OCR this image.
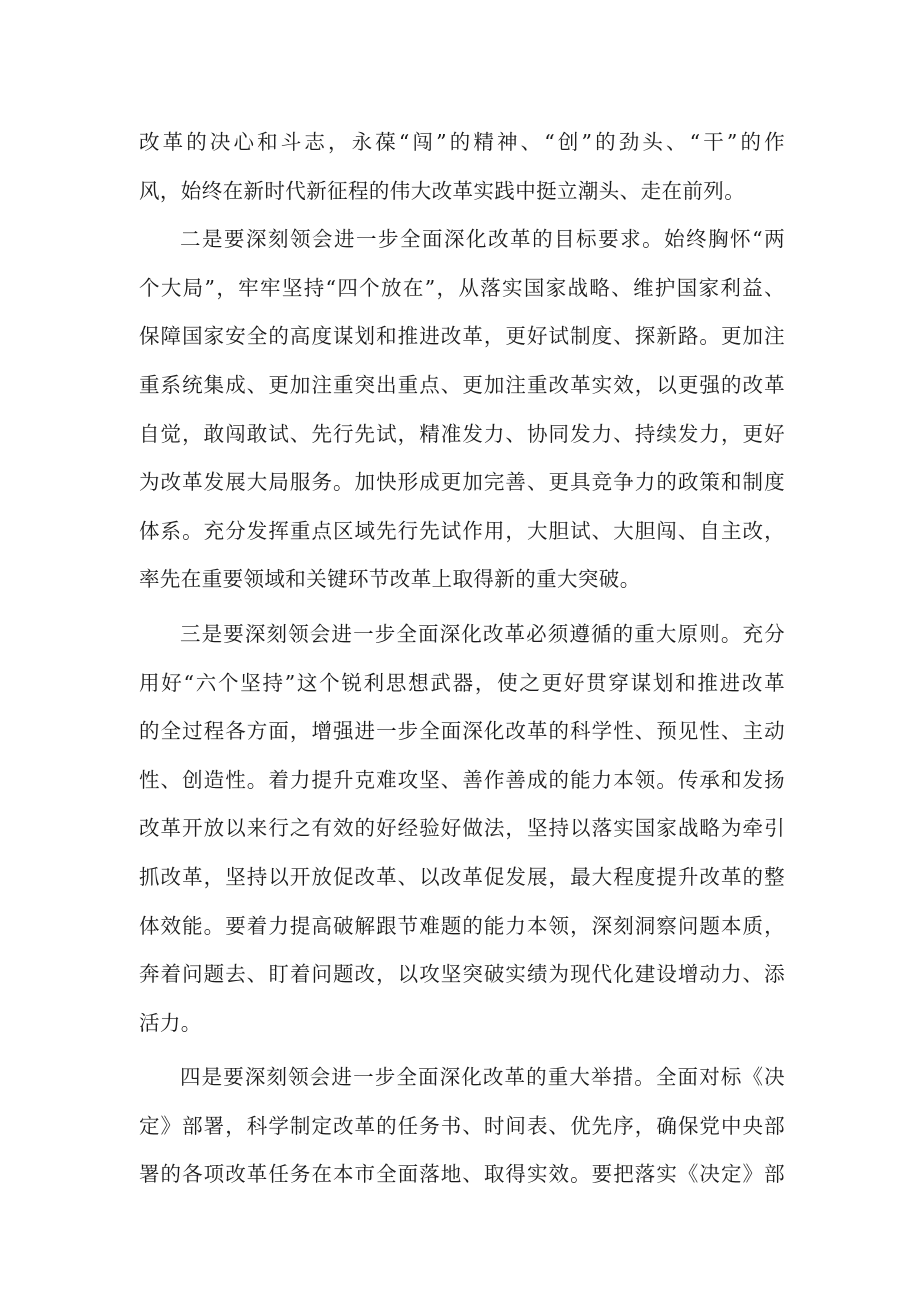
改革的决心和斗志，永葆“闯”的精神、“创”的劲头、“干”的作
风，始终在新时代新征程的伟大改革实践中挺立潮头、走在前列。
二是要深刻领会进一步全面深化改革的目标要求。始终胸怀“两
个大局”，牢牢坚持“四个放在”，从落实国家战略、维护国家利益、
保障国家安全的高度谋划和推进改革，更好试制度、探新路。更加注
重系统集成、更加注重突出重点、更加注重改革实效，以更强的改革
自觉，敢闯敢试、先行先试，精准发力、协同发力、持续发力，更好
为改革发展大局服务。加快形成更加完善、更具竞争力的政策和制度
体系。充分发挥重点区域先行先试作用，大胆试、大胆闯、自主改，
率先在重要领域和关键环节改革上取得新的重大突破。
三是要深刻领会进一步全面深化改革必须遵循的重大原则。充分
用好“六个坚持”这个锐利思想武器，使之更好贯穿谋划和推进改革
的全过程各方面，增强进一步全面深化改革的科学性、预见性、主动
性、创造性。着力提升克难攻坚、善作善成的能力本领。传承和发扬
改革开放以来行之有效的好经验好做法，坚持以落实国家战略为牵引
抓改革，坚持以开放促改革、以改革促发展，最大程度提升改革的整
体效能。要着力提高破解跟节难题的能力本领，深刻洞察问题本质，
奔着问题去、盯着问题改，以攻坚突破实绩为现代化建设增动力、添
活力。
四是要深刻领会进一步全面深化改革的重大举措。全面对标《决
定》部署，科学制定改革的任务书、时间表、优先序，确保党中央部
署的各项改革任务在本市全面落地、取得实效。要把落实《决定》部
